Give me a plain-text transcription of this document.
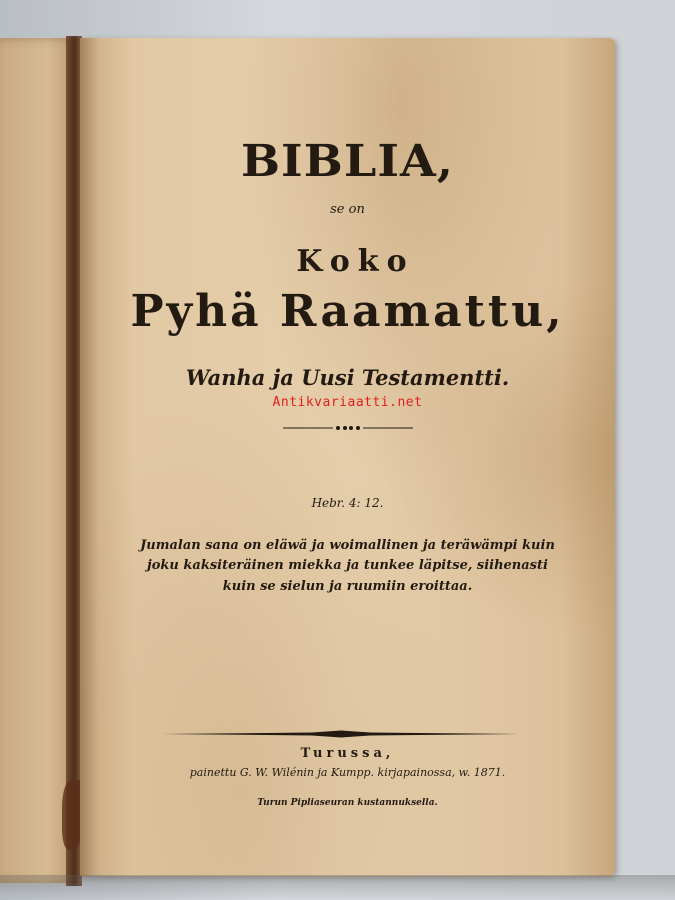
BIBLIA,
se on
Koko
Pyhä Raamattu,
Wanha ja Uusi Testamentti.
Antikvariaatti.net
Hebr. 4: 12.
Jumalan sana on eläwä ja woimallinen ja teräwämpi kuin
joku kaksiteräinen miekka ja tunkee läpitse, siihenasti
kuin se sielun ja ruumiin eroittaa.
Turussa,
painettu G. W. Wilénin ja Kumpp. kirjapainossa, w. 1871.
Turun Pipliaseuran kustannuksella.
